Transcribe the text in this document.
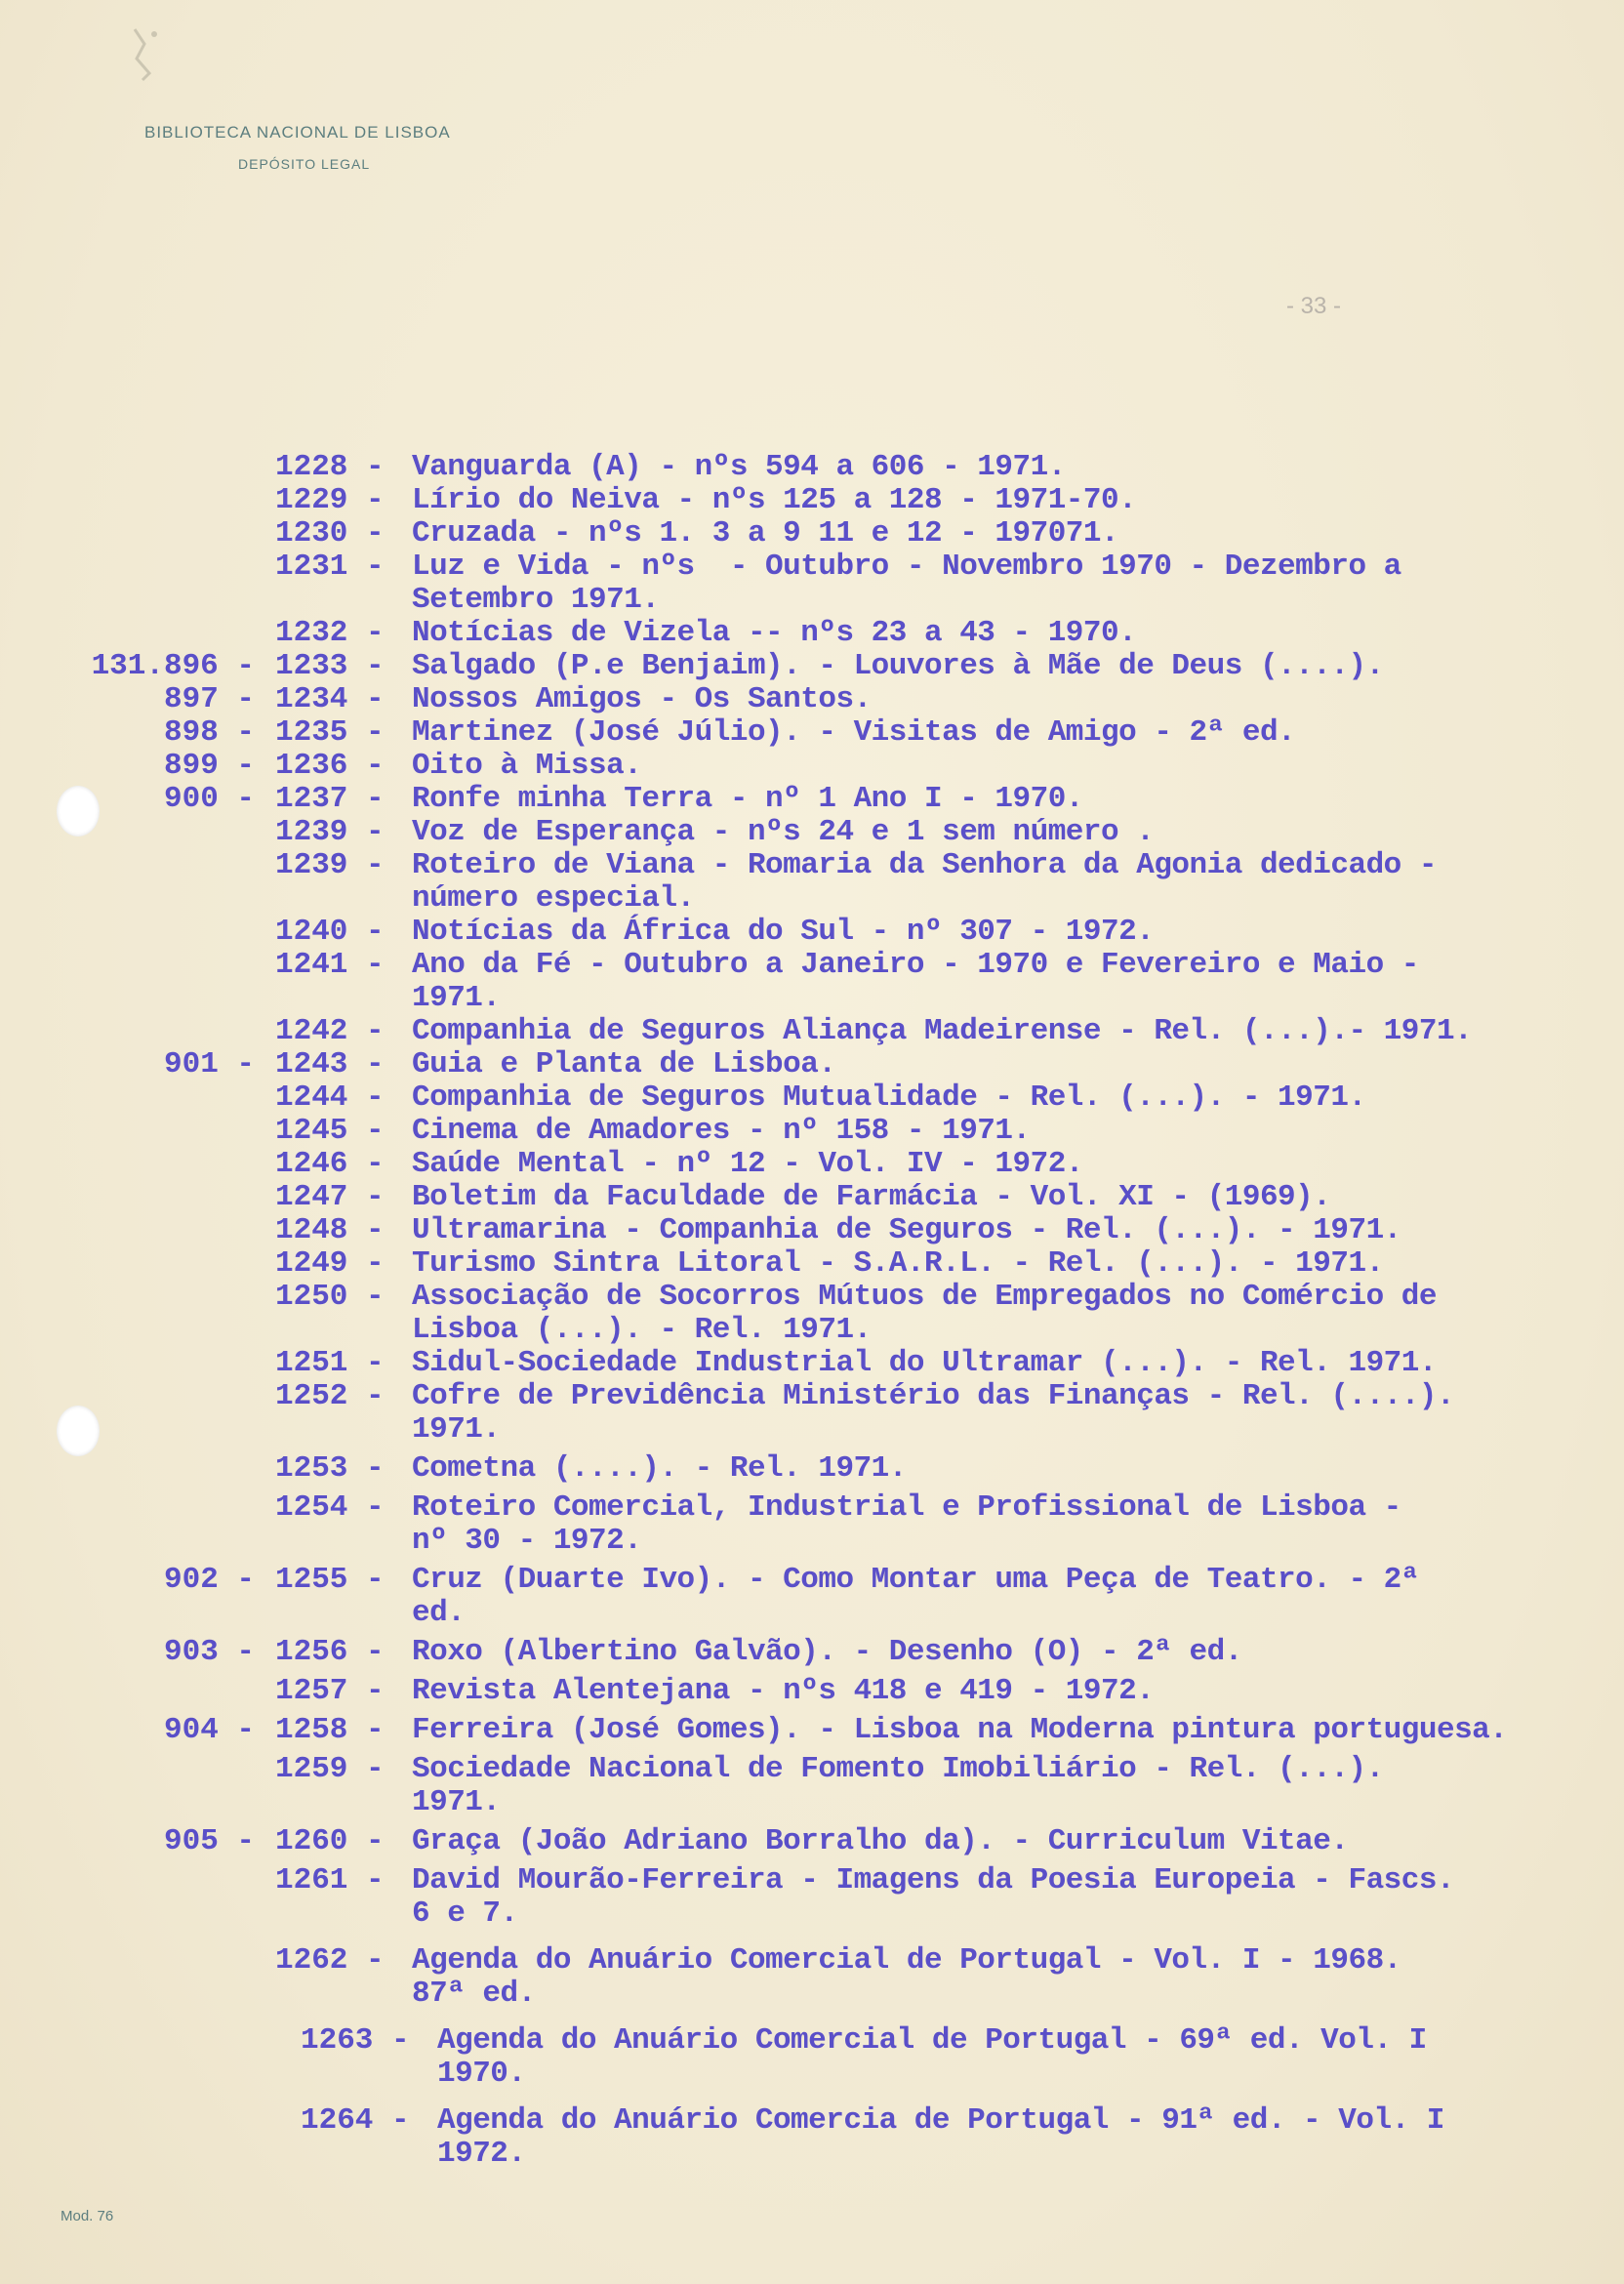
BIBLIOTECA NACIONAL DE LISBOA
DEPÓSITO LEGAL
- 33 -
1228 - Vanguarda (A) - nºs 594 a 606 - 1971.
1229 - Lírio do Neiva - nºs 125 a 128 - 1971-70.
1230 - Cruzada - nºs 1. 3 a 9 11 e 12 - 197071.
1231 - Luz e Vida - nºs  - Outubro - Novembro 1970 - Dezembro a
Setembro 1971.
1232 - Notícias de Vizela -- nºs 23 a 43 - 1970.
131.896 - 1233 - Salgado (P.e Benjaim). - Louvores à Mãe de Deus (....).
897 - 1234 - Nossos Amigos - Os Santos.
898 - 1235 - Martinez (José Júlio). - Visitas de Amigo - 2ª ed.
899 - 1236 - Oito à Missa.
900 - 1237 - Ronfe minha Terra - nº 1 Ano I - 1970.
1239 - Voz de Esperança - nºs 24 e 1 sem número .
1239 - Roteiro de Viana - Romaria da Senhora da Agonia dedicado -
número especial.
1240 - Notícias da África do Sul - nº 307 - 1972.
1241 - Ano da Fé - Outubro a Janeiro - 1970 e Fevereiro e Maio -
1971.
1242 - Companhia de Seguros Aliança Madeirense - Rel. (...).- 1971.
901 - 1243 - Guia e Planta de Lisboa.
1244 - Companhia de Seguros Mutualidade - Rel. (...). - 1971.
1245 - Cinema de Amadores - nº 158 - 1971.
1246 - Saúde Mental - nº 12 - Vol. IV - 1972.
1247 - Boletim da Faculdade de Farmácia - Vol. XI - (1969).
1248 - Ultramarina - Companhia de Seguros - Rel. (...). - 1971.
1249 - Turismo Sintra Litoral - S.A.R.L. - Rel. (...). - 1971.
1250 - Associação de Socorros Mútuos de Empregados no Comércio de
Lisboa (...). - Rel. 1971.
1251 - Sidul-Sociedade Industrial do Ultramar (...). - Rel. 1971.
1252 - Cofre de Previdência Ministério das Finanças - Rel. (....).
1971.
1253 - Cometna (....). - Rel. 1971.
1254 - Roteiro Comercial, Industrial e Profissional de Lisboa -
nº 30 - 1972.
902 - 1255 - Cruz (Duarte Ivo). - Como Montar uma Peça de Teatro. - 2ª
ed.
903 - 1256 - Roxo (Albertino Galvão). - Desenho (O) - 2ª ed.
1257 - Revista Alentejana - nºs 418 e 419 - 1972.
904 - 1258 - Ferreira (José Gomes). - Lisboa na Moderna pintura portuguesa.
1259 - Sociedade Nacional de Fomento Imobiliário - Rel. (...).
1971.
905 - 1260 - Graça (João Adriano Borralho da). - Curriculum Vitae.
1261 - David Mourão-Ferreira - Imagens da Poesia Europeia - Fascs.
6 e 7.
1262 - Agenda do Anuário Comercial de Portugal - Vol. I - 1968.
87ª ed.
1263 - Agenda do Anuário Comercial de Portugal - 69ª ed. Vol. I
1970.
1264 - Agenda do Anuário Comercia de Portugal - 91ª ed. - Vol. I
1972.
Mod. 76
